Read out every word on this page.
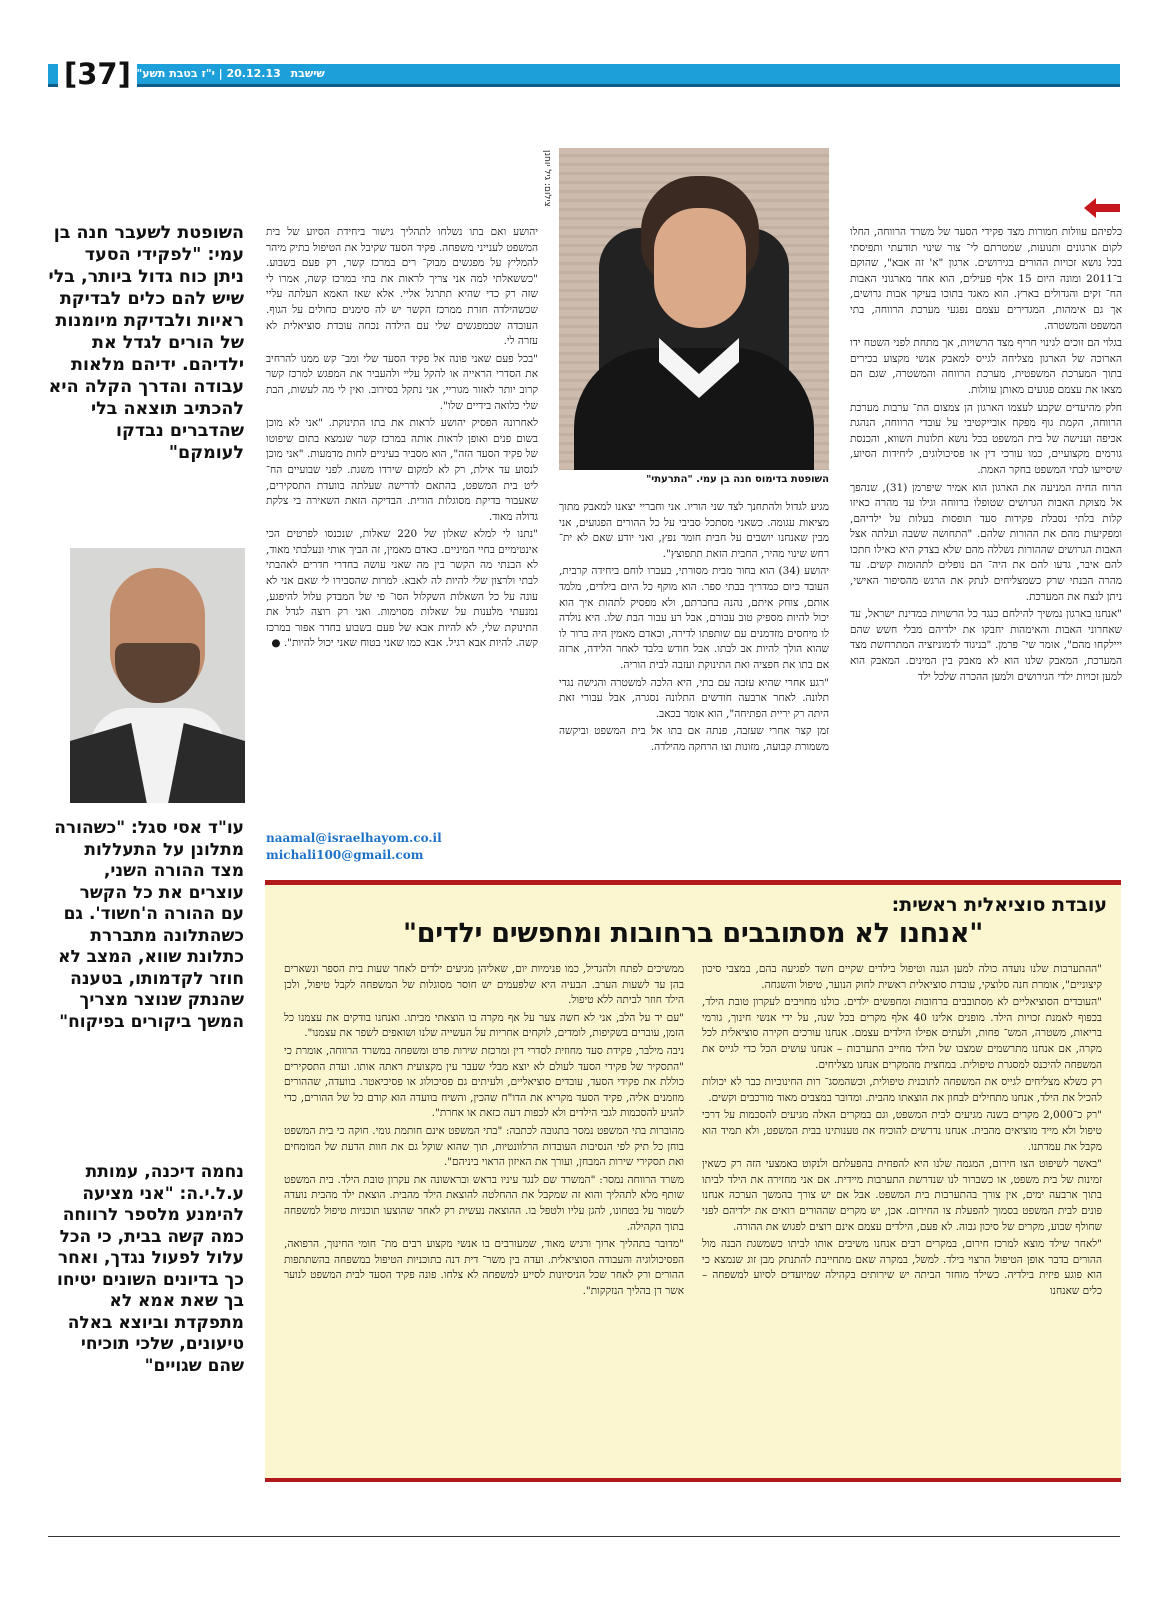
[37]	שישבת 20.12.13 | י"ז בטבת תשע"ד

כלפיהם עוולות חמורות מצד פקידי הסעד של משרד הרווחה, החלו לקום ארגונים ותנועות, שמטרתם לי־ צור שינוי תודעתי ותפיסתי בכל נושא זכויות ההורים בגירושים. ארגון "א' זה אבא", שהוקם ב־2011 ומונה היום 15 אלף פעילים, הוא אחד מארגוני האבות הח־ זקים והגדולים בארץ. הוא מאגד בתוכו בעיקר אבות גרושים, אך גם אימהות, המגדירים עצמם נפגעי מערכת הרווחה, בתי המשפט והמשטרה.

בגלוי הם זוכים לגינוי חריף מצד הרשויות, אך מתחת לפני השטח ידו הארוכה של הארגון מצליחה לגייס למאבק אנשי מקצוע בכירים בתוך המערכת המשפטית, מערכת הרווחה והמשטרה, שגם הם מצאו את עצמם פגועים מאותן עוולות.

חלק מהיעדים שקבע לעצמו הארגון הן צמצום הת־ ערבות מערכת הרווחה, הקמת גוף מפקח אובייקטיבי על עובדי הרווחה, הנהגת אכיפה וענישה של בית המשפט בכל נושא תלונות השווא, והכנסת גורמים מקצועיים, כמו עורכי דין או פסיכולוגים, ליחידות הסיוע, שיסייעו לבתי המשפט בחקר האמת.

הרוח החיה המניעה את הארגון הוא אמיר שיפרמן (31), שנהפך אל מצוקת האבות הגרושים שטופלו ברווחה וגילו עד מהרה כאיזו קלות בלתי נסבלת פקידות סעד תופסות בעלות על ילדיהם, ומפקיעות מהם את ההורות שלהם. "התחושה ששבה ועלתה אצל האבות הגרושים שההורות נשללה מהם שלא בצדק היא כאילו חתכו להם איבר, גדעו להם את היה־ הם נופלים לתהומות קשים. עד מהרה הבנתי שרק כשמצליחים לנתק את הרגש מהסיפור האישי, ניתן לנצח את המערכת.

"אנחנו בארגון נמשיך להילחם כנגד כל הרשויות במדינת ישראל, עד שאחרוני האבות והאימהות יחבקו את ילדיהם מבלי חשש שהם ייילקחו מהם", אומר שי־ פרמן. "בניגוד לדמוניזציה המתרחשת מצד המערכת, המאבק שלנו הוא לא מאבק בין המינים. המאבק הוא למען זכויות ילדי הגירושים ולמען ההכרה שלכל ילד

צילום: גיל יוחנן
השופטת בדימוס חנה בן עמי. "התרעתי"

מגיע לגדול ולהתחנך לצד שני הוריו. אני וחבריי יצאנו למאבק מתוך מציאות עגומה. כשאני מסתכל סביבי על כל ההורים הפגועים, אני מבין שאנחנו יושבים על חבית חומר נפץ, ואני יודע שאם לא ית־ רחש שינוי מהיר, החבית הזאת תתפוצץ".

יהושע (34) הוא בחור מבית מסורתי, בעברו לוחם ביחידה קרבית, העובד כיום כמדריך בבתי ספר. הוא מוקף כל היום בילדים, מלמד אותם, צוחק איתם, נהנה בחברתם, ולא מפסיק לתהות איך הוא יכול להיות מספיק טוב עבורם, אבל רע עבור הבת שלו. היא נולדה לו מיחסים מזדמנים עם שותפתו לדירה, וכאדם מאמין היה ברור לו שהוא הולך להיות אב לבתו. אבל חודש בלבד לאחר הלידה, ארזה אם בתו את חפציה ואת התינוקת ועזבה לבית הוריה.

"רגע אחרי שהיא עזבה עם בתי, היא הלכה למשטרה והגישה נגדי תלונה. לאחר ארבעה חודשים התלונה נסגרה, אבל עבורי זאת היתה רק יריית הפתיחה", הוא אומר בכאב.

זמן קצר אחרי שעזבה, פנתה אם בתו אל בית המשפט וביקשה משמורת קבועה, מזונות וצו הרחקה מהילדה.

יהושע ואם בתו נשלחו לתהליך גישור ביחידת הסיוע של בית המשפט לענייני משפחה. פקיד הסעד שקיבל את הטיפול בתיק מיהר להמליץ על מפגשים מבוק־ רים במרכז קשר, רק פעם בשבוע. "כששאלתי למה אני צריך לראות את בתי במרכז קשה, אמרו לי שזה רק כדי שהיא תתרגל אליי. אלא שאז האמא העלתה עליי שכשהילדה חזרת ממרכז הקשר יש לה סימנים כחולים על הגוף. העובדה שבמפגשים שלי עם הילדה נכחה עובדת סוציאלית לא עזרה לי.

"בכל פעם שאני פונה אל פקיד הסעד שלי ומב־ קש ממנו להרחיב את הסדרי הראייה או להקל עליי ולהעביר את המפגש למרכז קשר קרוב יותר לאזור מגוריי, אני נתקל בסירוב. ואין לי מה לעשות, הבת שלי כלואה בידיים שלו".

לאחרונה הפסיק יהושע לראות את בתו התינוקת. "אני לא מוכן בשום פנים ואופן לראות אותה במרכז קשר שנמצא בתום שיפוטו של פקיד הסעד הזה", הוא מסביר בעיניים לחות מדמעות. "אני מוכן לנסוע עד אילת, רק לא למקום שירדו משגת. לפני שבועיים הח־ ליט בית המשפט, בהתאם לדרישה שעלתה בוועדת התסקירים, שאעבור בדיקת מסוגלות הורית. הבדיקה הזאת השאירה בי צלקת גדולה מאוד.

"נתנו לי למלא שאלון של 220 שאלות, שנכנסו לפרטים הכי אינטימיים בחיי המיניים. כאדם מאמין, זה הביך אותי ונעלבתי מאוד, לא הבנתי מה הקשר בין מה שאני עושה בחדרי חדרים לאהבתי לבתי ולרצון שלי להיות לה לאבא. למרות שהסבירו לי שאם אני לא עונה על כל השאלות השקלול הסו־ פי של המבדק עלול להיפגע, נמנעתי מלענות על שאלות מסוימות. ואני רק רוצה לגדל את התינוקת שלי, לא להיות אבא של פעם בשבוע בחדר אפור במרכז קשה. להיות אבא רגיל. אבא כמו שאני בטוח שאני יכול להיות". ●

naamal@israelhayom.co.il
michali100@gmail.com
השופטת לשעבר חנה בן עמי: "לפקידי הסעד ניתן כוח גדול ביותר, בלי שיש להם כלים לבדיקת ראיות ולבדיקת מיומנות של הורים לגדל את ילדיהם. ידיהם מלאות עבודה והדרך הקלה היא להכתיב תוצאה בלי שהדברים נבדקו לעומקם"
עו"ד אסי סגל: "כשהורה מתלונן על התעללות מצד ההורה השני, עוצרים את כל הקשר עם ההורה ה'חשוד'. גם כשהתלונה מתבררת כתלונת שווא, המצב לא חוזר לקדמותו, בטענה שהנתק שנוצר מצריך המשך ביקורים בפיקוח"
נחמה דיכנה, עמותת ע.ל.י.ה: "אני מציעה להימנע מלספר לרווחה כמה קשה בבית, כי הכל עלול לפעול נגדך, ואחר כך בדיונים השונים יטיחו בך שאת אמא לא מתפקדת וביוצא באלה טיעונים, שלכי תוכיחי שהם שגויים"
עובדת סוציאלית ראשית:
"אנחנו לא מסתובבים ברחובות ומחפשים ילדים"

"ההתערבות שלנו נועדה כולה למען הגנה וטיפול בילדים שקיים חשד לפגיעה בהם, במצבי סיכון קיצוניים", אומרת חנה סלוצקי, עובדת סוציאלית ראשית לחוק הנוער, טיפול והשגחה.

"העובדים הסוציאליים לא מסתובבים ברחובות ומחפשים ילדים. כולנו מחויבים לעקרון טובת הילד, בכפוף לאמנת זכויות הילד. מופנים אלינו 40 אלף מקרים בכל שנה, על ידי אנשי חינוך, גורמי בריאות, משטרה, המש־ פחות, ולעתים אפילו הילדים עצמם. אנחנו עורכים חקירה סוציאלית לכל מקרה, אם אנחנו מתרשמים שמצבו של הילד מחייב התערבות – אנחנו עושים הכל כדי לגייס את המשפחה להיכנס למסגרת טיפולית. במחצית מהמקרים אנחנו מצליחים.

רק כשלא מצליחים לגייס את המשפחה לתוכנית טיפולית, וכשהמסג־ רות החינוכיות כבר לא יכולות להכיל את הילד, אנחנו מתחילים לבחון את הוצאתו מהבית. ומדובר במצבים מאוד מורכבים וקשים.

"רק כ־2,000 מקרים בשנה מגיעים לבית המשפט, וגם במקרים האלה מגיעים להסכמות על דרכי טיפול ולא מייד מוציאים מהבית. אנחנו נדרשים להוכיח את טענותינו בבית המשפט, ולא תמיד הוא מקבל את עמדתנו.

"באשר לשיפוט הצו חירום, המגמה שלנו היא להפחית בהפעלתם ולנקוט באמצעי הזה רק כשאין זמינות של בית משפט, או כשברור לנו שנדרשת התערבות מיידית. אם אני מחזירה את הילד לביתו בתוך ארבעה ימים, אין צורך בהתערבות בית המשפט. אבל אם יש צורך בהמשך הערכה אנחנו פונים לבית המשפט בסמוך להפעלת צו החירום. אכן, יש מקרים שההורים רואים את ילדיהם לפני שחולף שבוע, מקרים של סיכון גבוה. לא פעם, הילדים עצמם אינם רוצים לפגוש את ההורה.

"לאחר שילד מוצא למרכז חירום, במקרים רבים אנחנו משיבים אותו לביתו כשמשגת הבנה מול ההורים בדבר אופן הטיפול הרצוי בילד. למשל, במקרה שאם מתחייבת להתנתק מבן זוג שנמצא כי הוא פוגע פיזית בילדיה. כשילד מוחזר הביתה יש שירותים בקהילה שמיועדים לסיוע למשפחה – כלים שאנחנו

ממשיכים לפתח ולהגדיל, כמו פנימיות יום, שאליהן מגיעים ילדים לאחר שעות בית הספר ונשארים בהן עד לשעות הערב. הבעיה היא שלפעמים יש חוסר מסוגלות של המשפחה לקבל טיפול, ולכן הילד חוזר לביתה ללא טיפול.

"עם יד על הלב, אני לא חשה צער על אף מקרה בו הוצאתי מביתו. ואנחנו בודקים את עצמנו כל הזמן, עוברים בשקיפות, לומדים, לוקחים אחריות על העשייה שלנו ושואפים לשפר את עצמנו".

ניבה מילבר, פקידת סעד מחוזית לסדרי דין ומרכזת שירות פרט ומשפחה במשרד הרווחה, אומרת כי "התסקיר של פקידי הסעד לעולם לא יוצא מבלי שעבר עין מקצועית ראתה אותו. ועדת התסקירים כוללת את פקידי הסעד, עובדים סוציאליים, ולעיתים גם פסיכולוג או פסיכיאטר. בוועדה, שההורים מוזמנים אליה, פקיד הסעד מקריא את הדו"ח שהכין, והשיח בוועדה הוא קודם כל של ההורים, כדי להגיע להסכמות לגבי הילדים ולא לכפות דעה כזאת או אחרת".

מהוברות בתי המשפט נמסר בתגובה לכתבה: "בתי המשפט אינם חותמת גומי. חוקה כי בית המשפט בוחן כל תיק לפי הנסיבות העובדות הרלוונטיות, תוך שהוא שוקל גם את חוות הדעת של המומחים ואת תסקירי שירות המבחן, ועורך את האיזון הראוי ביניהם".

משרד הרווחה נמסר: "המשרד שם לנגד עיניו בראש ובראשונה את עקרון טובת הילד. בית המשפט שותף מלא לתהליך והוא זה שמקבל את ההחלטה להוצאת הילד מהבית. הוצאת ילד מהבית נועדה לשמור על בטחונו, להגן עליו ולטפל בו. ההוצאה נעשית רק לאחר שהוצעו תוכניות טיפול למשפחה בתוך הקהילה.

"מדובר בתהליך ארוך ורגיש מאוד, שמעורבים בו אנשי מקצוע רבים מת־ חומי החינוך, הרפואה, הפסיכולוגיה והעבודה הסוציאלית. ועדה בין משר־ דית דנה בתוכניות הטיפול במשפחה בהשתתפות ההורים ורק לאחר שכל הניסיונות לסייע למשפחה לא צלחו. פונה פקיד הסעד לבית המשפט לנוער אשר דן בהליך הנזקקות".
